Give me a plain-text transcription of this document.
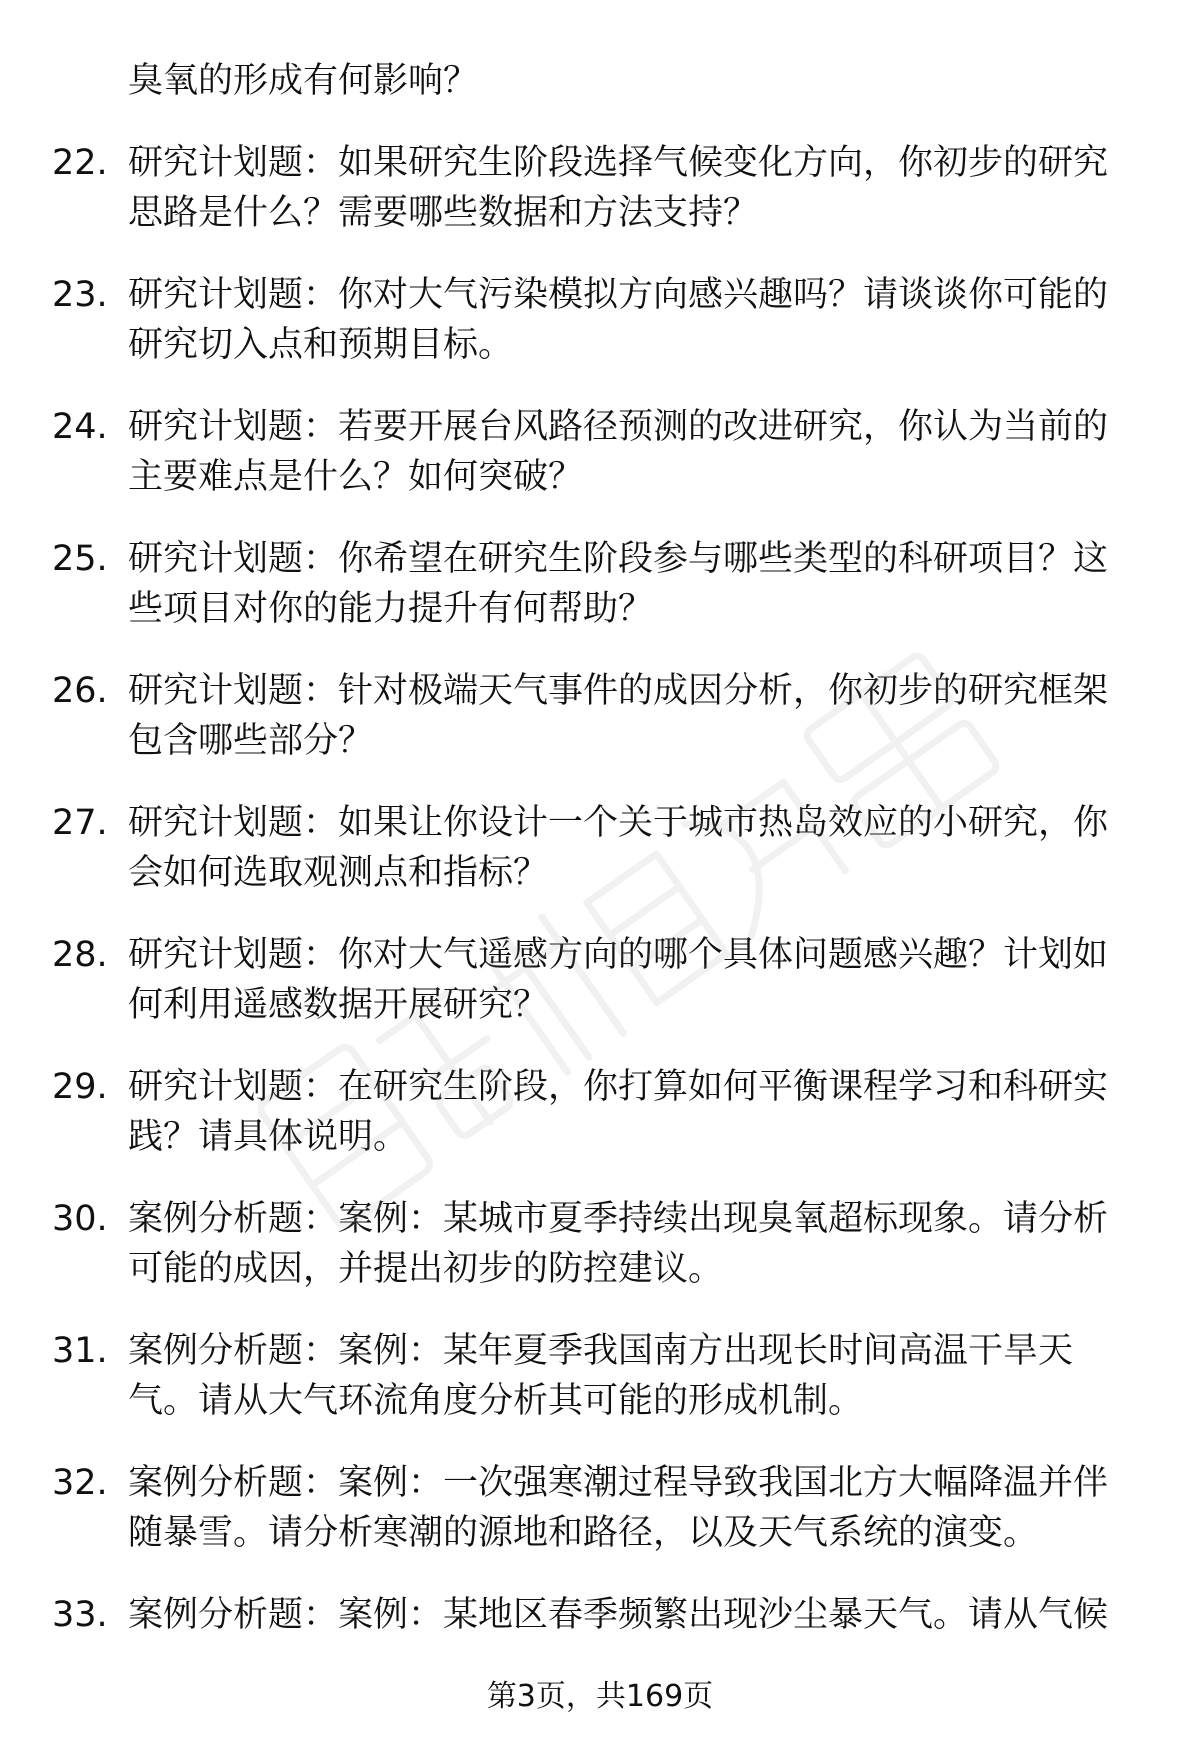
臭氧的形成有何影响？
22. 研究计划题：如果研究生阶段选择气候变化方向，你初步的研究思路是什么？需要哪些数据和方法支持？
23. 研究计划题：你对大气污染模拟方向感兴趣吗？请谈谈你可能的研究切入点和预期目标。
24. 研究计划题：若要开展台风路径预测的改进研究，你认为当前的主要难点是什么？如何突破？
25. 研究计划题：你希望在研究生阶段参与哪些类型的科研项目？这些项目对你的能力提升有何帮助？
26. 研究计划题：针对极端天气事件的成因分析，你初步的研究框架包含哪些部分？
27. 研究计划题：如果让你设计一个关于城市热岛效应的小研究，你会如何选取观测点和指标？
28. 研究计划题：你对大气遥感方向的哪个具体问题感兴趣？计划如何利用遥感数据开展研究？
29. 研究计划题：在研究生阶段，你打算如何平衡课程学习和科研实践？请具体说明。
30. 案例分析题：案例：某城市夏季持续出现臭氧超标现象。请分析可能的成因，并提出初步的防控建议。
31. 案例分析题：案例：某年夏季我国南方出现长时间高温干旱天气。请从大气环流角度分析其可能的形成机制。
32. 案例分析题：案例：一次强寒潮过程导致我国北方大幅降温并伴随暴雪。请分析寒潮的源地和路径，以及天气系统的演变。
33. 案例分析题：案例：某地区春季频繁出现沙尘暴天气。请从气候
第3页，共169页
